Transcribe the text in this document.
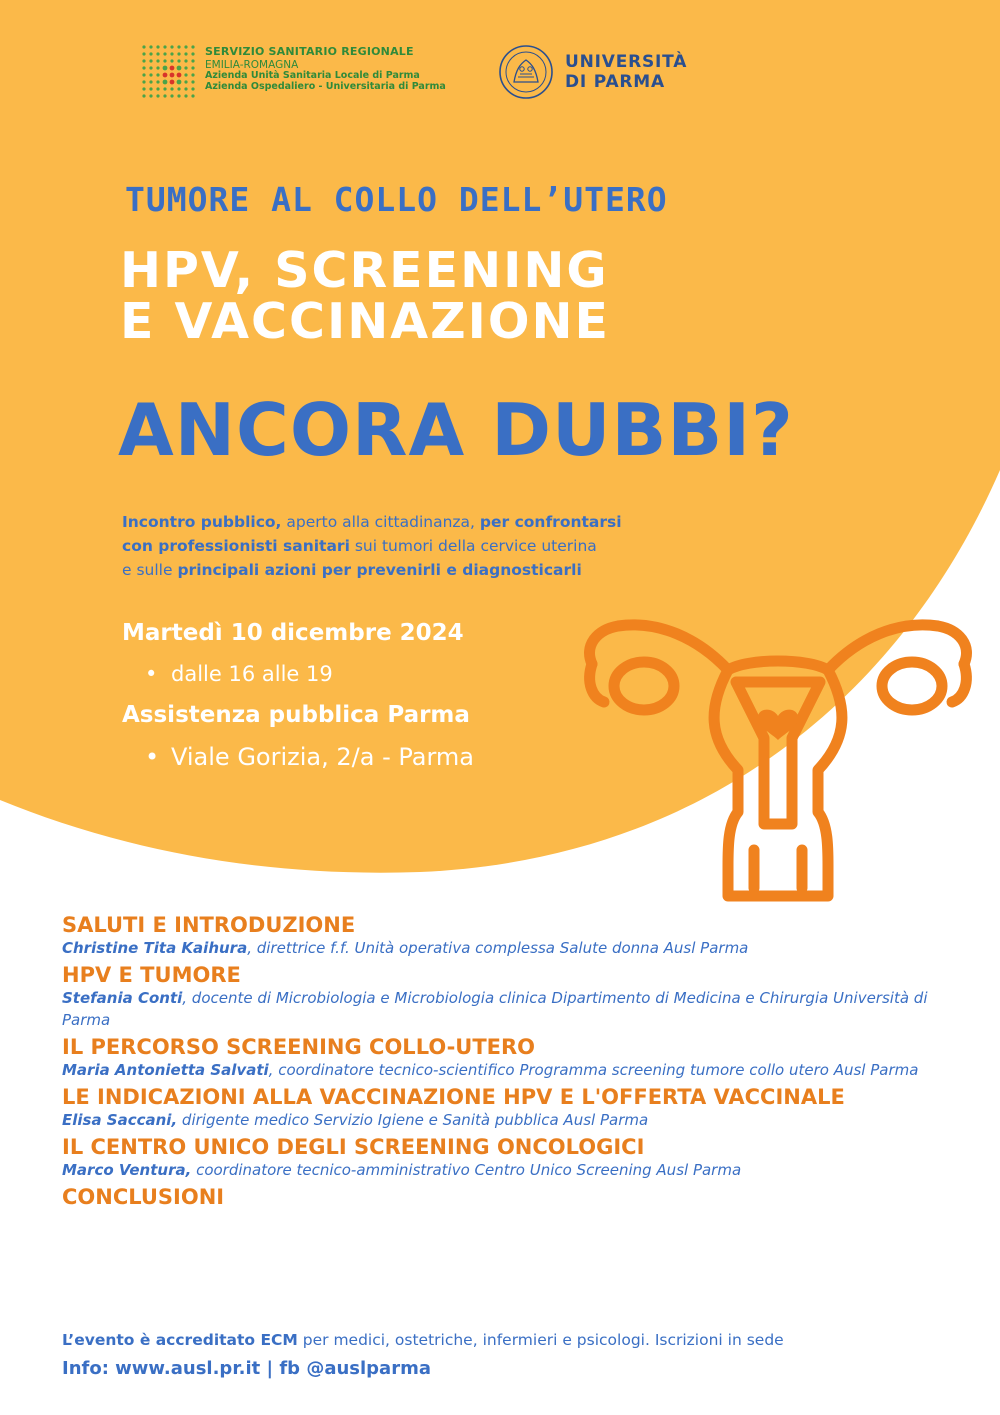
SERVIZIO SANITARIO REGIONALE
EMILIA-ROMAGNA
Azienda Unità Sanitaria Locale di Parma
Azienda Ospedaliero - Universitaria di Parma
UNIVERSITÀ
DI PARMA
TUMORE AL COLLO DELL’UTERO
HPV, SCREENING
E VACCINAZIONE
ANCORA DUBBI?
Incontro pubblico, aperto alla cittadinanza, per confrontarsi
con professionisti sanitari sui tumori della cervice uterina
e sulle principali azioni per prevenirli e diagnosticarli
Martedì 10 dicembre 2024
• dalle 16 alle 19
Assistenza pubblica Parma
• Viale Gorizia, 2/a - Parma
SALUTI E INTRODUZIONE
Christine Tita Kaihura, direttrice f.f. Unità operativa complessa Salute donna Ausl Parma
HPV E TUMORE
Stefania Conti, docente di Microbiologia e Microbiologia clinica Dipartimento di Medicina e Chirurgia Università di Parma
IL PERCORSO SCREENING COLLO-UTERO
Maria Antonietta Salvati, coordinatore tecnico-scientifico Programma screening tumore collo utero Ausl Parma
LE INDICAZIONI ALLA VACCINAZIONE HPV E L'OFFERTA VACCINALE
Elisa Saccani, dirigente medico Servizio Igiene e Sanità pubblica Ausl Parma
IL CENTRO UNICO DEGLI SCREENING ONCOLOGICI
Marco Ventura, coordinatore tecnico-amministrativo Centro Unico Screening Ausl Parma
CONCLUSIONI
L’evento è accreditato ECM per medici, ostetriche, infermieri e psicologi. Iscrizioni in sede
Info: www.ausl.pr.it | fb @auslparma
